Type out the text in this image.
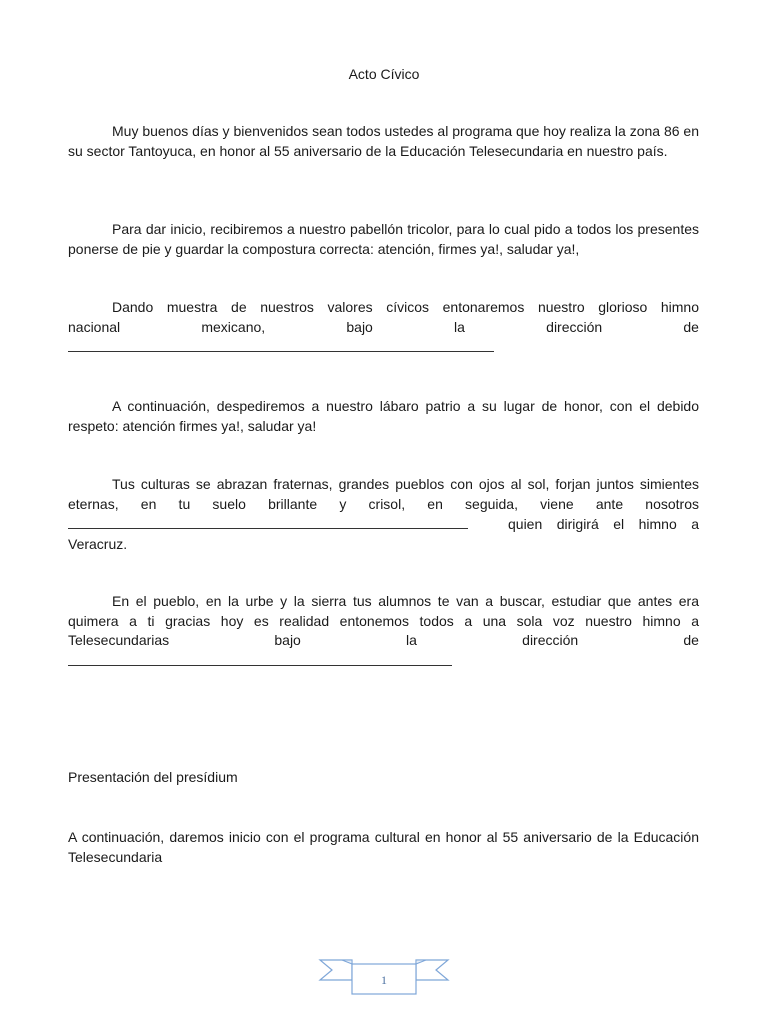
Acto Cívico

Muy buenos días y bienvenidos sean todos ustedes al programa que hoy realiza la zona 86 en su sector Tantoyuca, en honor al 55 aniversario de la Educación Telesecundaria en nuestro país.

Para dar inicio, recibiremos a nuestro pabellón tricolor, para lo cual pido a todos los presentes ponerse de pie y guardar la compostura correcta: atención, firmes ya!, saludar ya!,

Dando muestra de nuestros valores cívicos entonaremos nuestro glorioso himno
nacional	mexicano,	bajo	la	dirección	de

A continuación, despediremos a nuestro lábaro patrio a su lugar de honor, con el debido respeto: atención firmes ya!, saludar ya!

Tus culturas se abrazan fraternas, grandes pueblos con ojos al sol, forjan juntos simientes eternas, en tu suelo brillante y crisol, en seguida, viene ante nosotros
quien dirigirá el himno a
Veracruz.
En el pueblo, en la urbe y la sierra tus alumnos te van a buscar, estudiar que antes era quimera a ti gracias hoy es realidad entonemos todos a una sola voz nuestro himno a
Telesecundarias	bajo	la	dirección	de

Presentación del presídium

A continuación, daremos inicio con el programa cultural en honor al 55 aniversario de la Educación Telesecundaria

1
